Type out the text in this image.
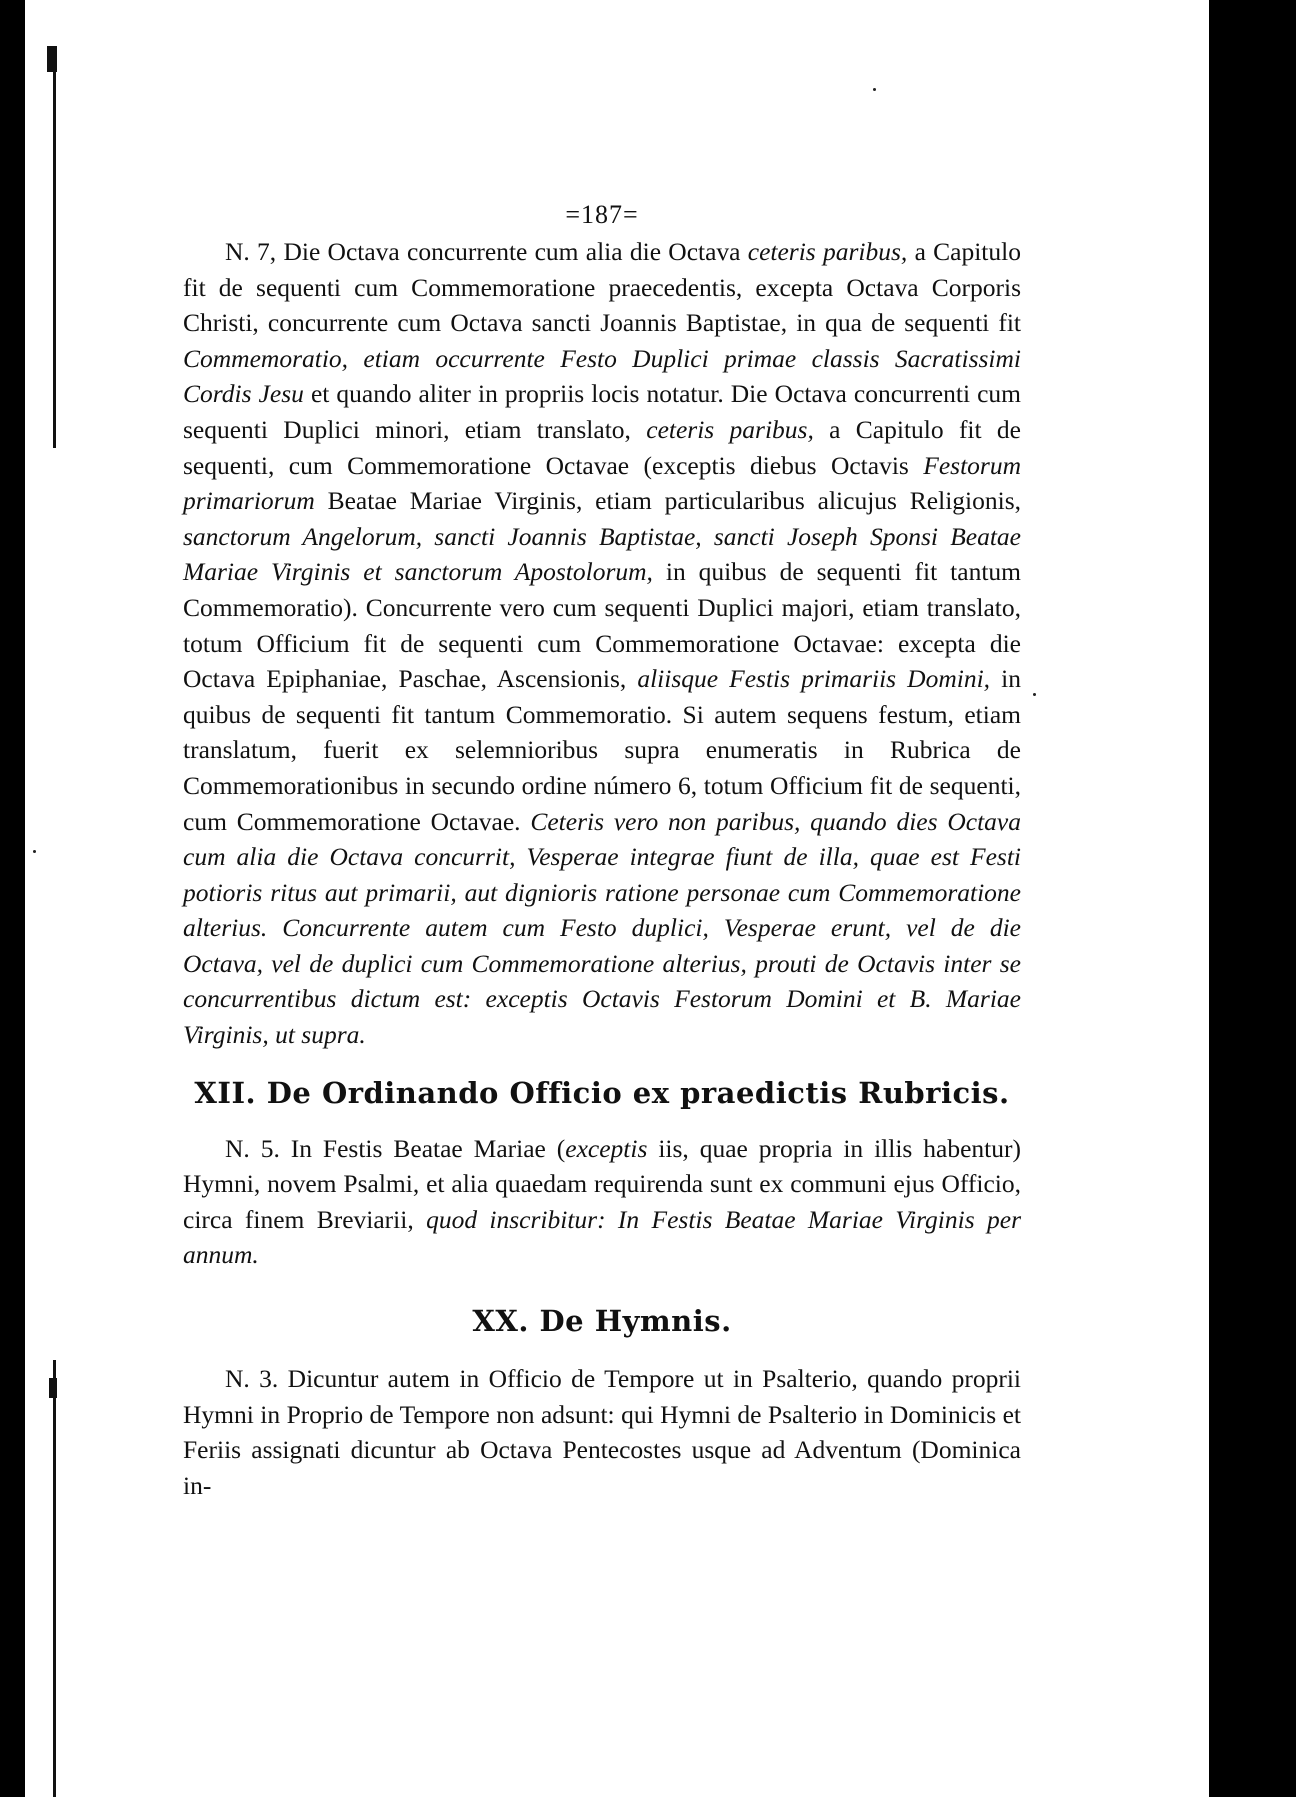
=187=

N. 7, Die Octava concurrente cum alia die Octava ceteris paribus, a Capitulo fit de sequenti cum Commemoratione praecedentis, excepta Octava Corporis Christi, concurrente cum Octava sancti Joannis Baptistae, in qua de sequenti fit Commemoratio, etiam occurrente Festo Duplici primae classis Sacratissimi Cordis Jesu et quando aliter in propriis locis notatur. Die Octava concurrenti cum sequenti Duplici minori, etiam translato, ceteris paribus, a Capitulo fit de sequenti, cum Commemoratione Octavae (exceptis diebus Octavis Festorum primariorum Beatae Mariae Virginis, etiam particularibus alicujus Religionis, sanctorum Angelorum, sancti Joannis Baptistae, sancti Joseph Sponsi Beatae Mariae Virginis et sanctorum Apostolorum, in quibus de sequenti fit tantum Commemoratio). Concurrente vero cum sequenti Duplici majori, etiam translato, totum Officium fit de sequenti cum Commemoratione Octavae: excepta die Octava Epiphaniae, Paschae, Ascensionis, aliisque Festis primariis Domini, in quibus de sequenti fit tantum Commemoratio. Si autem sequens festum, etiam translatum, fuerit ex selemnioribus supra enumeratis in Rubrica de Commemorationibus in secundo ordine número 6, totum Officium fit de sequenti, cum Commemoratione Octavae. Ceteris vero non paribus, quando dies Octava cum alia die Octava concurrit, Vesperae integrae fiunt de illa, quae est Festi potioris ritus aut primarii, aut dignioris ratione personae cum Commemoratione alterius. Concurrente autem cum Festo duplici, Vesperae erunt, vel de die Octava, vel de duplici cum Commemoratione alterius, prouti de Octavis inter se concurrentibus dictum est: exceptis Octavis Festorum Domini et B. Mariae Virginis, ut supra.

XII. De Ordinando Officio ex praedictis Rubricis.

N. 5. In Festis Beatae Mariae (exceptis iis, quae propria in illis habentur) Hymni, novem Psalmi, et alia quaedam requirenda sunt ex communi ejus Officio, circa finem Breviarii, quod inscribitur: In Festis Beatae Mariae Virginis per annum.

XX. De Hymnis.

N. 3. Dicuntur autem in Officio de Tempore ut in Psalterio, quando proprii Hymni in Proprio de Tempore non adsunt: qui Hymni de Psalterio in Dominicis et Feriis assignati dicuntur ab Octava Pentecostes usque ad Adventum (Dominica in-
